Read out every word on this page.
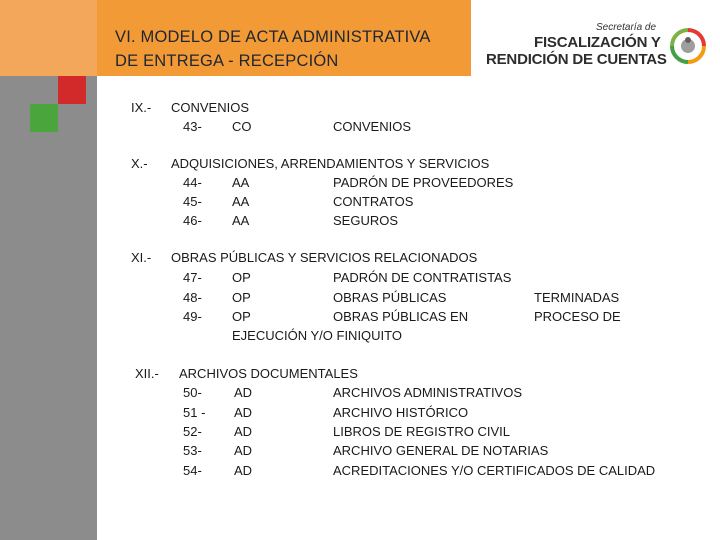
VI. MODELO DE ACTA ADMINISTRATIVA
DE ENTREGA - RECEPCIÓN
Secretaría de
FISCALIZACIÓN Y
RENDICIÓN DE CUENTAS
IX.- CONVENIOS
43- CO	CONVENIOS
X.- ADQUISICIONES, ARRENDAMIENTOS Y SERVICIOS
44- AA	PADRÓN DE PROVEEDORES
45- AA	CONTRATOS
46- AA	SEGUROS
XI.- OBRAS PÚBLICAS Y SERVICIOS RELACIONADOS
47- OP	PADRÓN DE CONTRATISTAS
48- OP	OBRAS PÚBLICAS	TERMINADAS
49- OP	OBRAS PÚBLICAS EN	PROCESO DE
EJECUCIÓN Y/O FINIQUITO
XII.- ARCHIVOS DOCUMENTALES
50- AD	ARCHIVOS ADMINISTRATIVOS
51 - AD	ARCHIVO HISTÓRICO
52- AD	LIBROS DE REGISTRO CIVIL
53- AD	ARCHIVO GENERAL DE NOTARIAS
54- AD	ACREDITACIONES Y/O CERTIFICADOS DE CALIDAD
